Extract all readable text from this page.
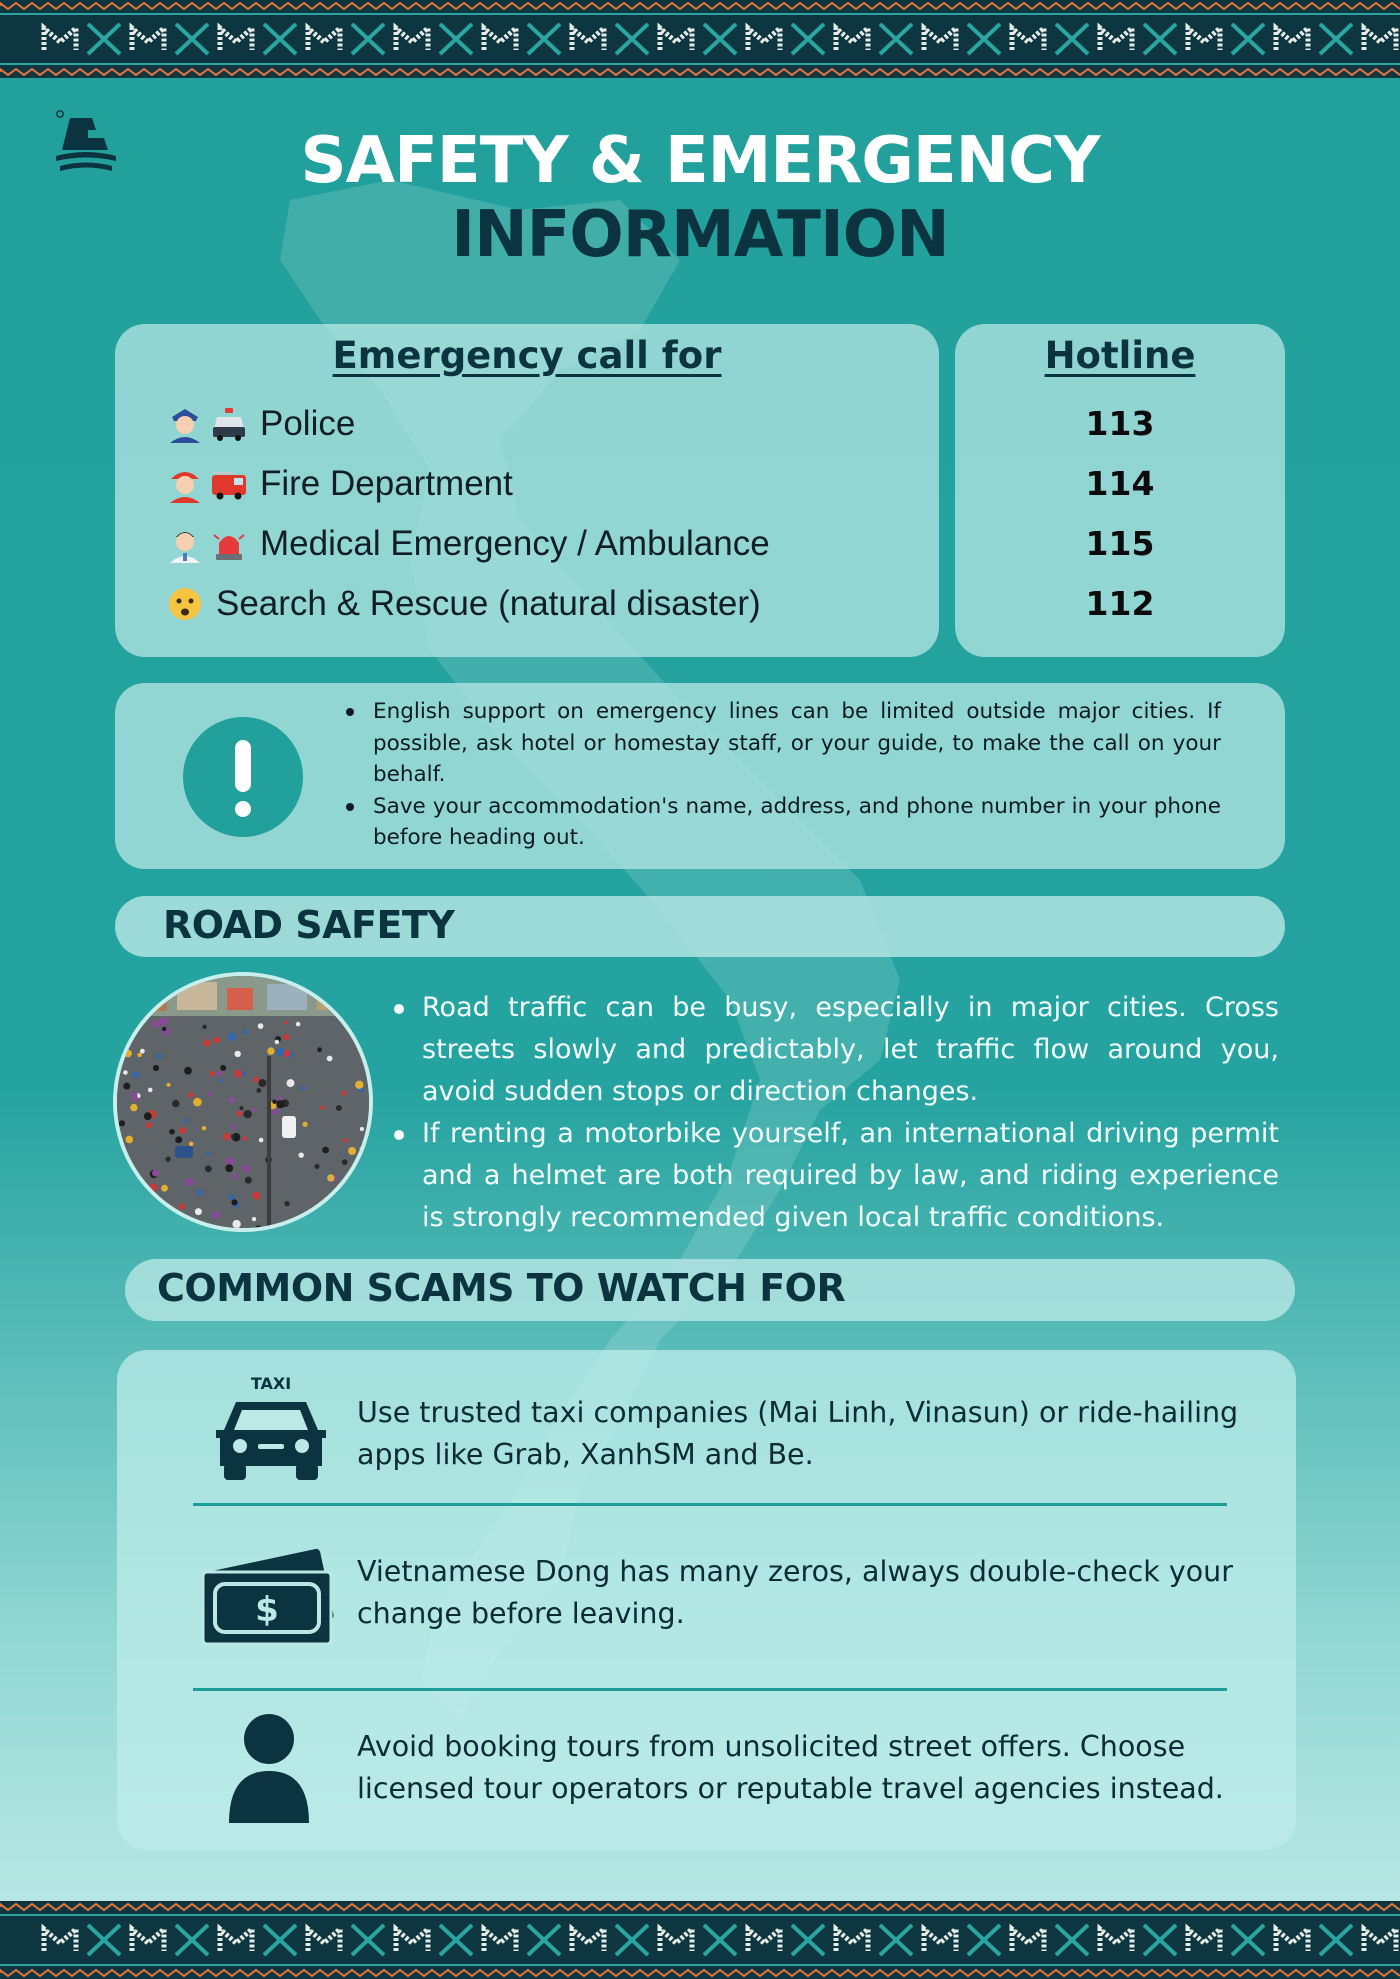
SAFETY & EMERGENCY
INFORMATION
Emergency call for	Hotline
Police	113
Fire Department	114
Medical Emergency / Ambulance	115
Search & Rescue (natural disaster)	112
English support on emergency lines can be limited outside major cities. If possible, ask hotel or homestay staff, or your guide, to make the call on your behalf.
Save your accommodation's name, address, and phone number in your phone before heading out.
ROAD SAFETY
Road traffic can be busy, especially in major cities. Cross streets slowly and predictably, let traffic flow around you, avoid sudden stops or direction changes.
If renting a motorbike yourself, an international driving permit and a helmet are both required by law, and riding experience is strongly recommended given local traffic conditions.
COMMON SCAMS TO WATCH FOR
TAXI
Use trusted taxi companies (Mai Linh, Vinasun) or ride-hailing apps like Grab, XanhSM and Be.
$
Vietnamese Dong has many zeros, always double-check your change before leaving.
Avoid booking tours from unsolicited street offers. Choose licensed tour operators or reputable travel agencies instead.
